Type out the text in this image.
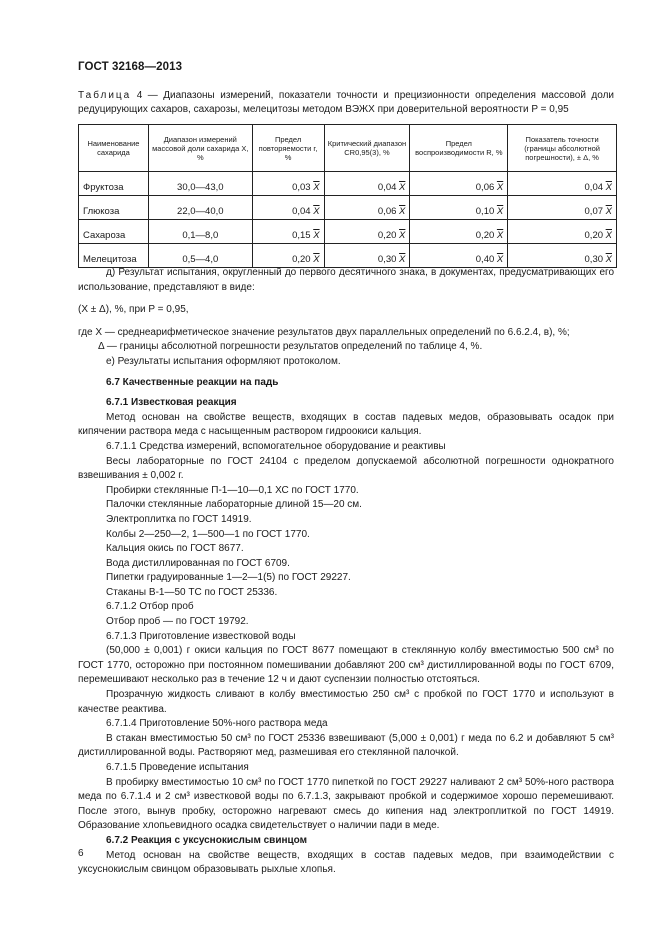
ГОСТ 32168—2013
Таблица 4 — Диапазоны измерений, показатели точности и прецизионности определения массовой доли редуцирующих сахаров, сахарозы, мелецитозы методом ВЭЖХ при доверительной вероятности P = 0,95
Наименование сахарида	Диапазон измерений массовой доли сахарида X, %	Предел повторяемости r, %	Критический диапазон CR0,95(3), %	Предел воспроизводимости R, %	Показатель точности (границы абсолютной погрешности), ± Δ, %
Фруктоза	30,0—43,0	0,03 $\overline{X}$	0,04 $\overline{X}$	0,06 $\overline{X}$	0,04 $\overline{X}$
Глюкоза	22,0—40,0	0,04 $\overline{X}$	0,06 $\overline{X}$	0,10 $\overline{X}$	0,07 $\overline{X}$
Сахароза	0,1—8,0	0,15 $\overline{X}$	0,20 $\overline{X}$	0,20 $\overline{X}$	0,20 $\overline{X}$
Мелецитоза	0,5—4,0	0,20 $\overline{X}$	0,30 $\overline{X}$	0,40 $\overline{X}$	0,30 $\overline{X}$

д) Результат испытания, округленный до первого десятичного знака, в документах, предусматривающих его использование, представляют в виде:

(X ± Δ), %, при P = 0,95,

где X — среднеарифметическое значение результатов двух параллельных определений по 6.6.2.4, в), %;

Δ — границы абсолютной погрешности результатов определений по таблице 4, %.

е) Результаты испытания оформляют протоколом.

6.7 Качественные реакции на падь

6.7.1 Известковая реакция

Метод основан на свойстве веществ, входящих в состав падевых медов, образовывать осадок при кипячении раствора меда с насыщенным раствором гидроокиси кальция.

6.7.1.1 Средства измерений, вспомогательное оборудование и реактивы

Весы лабораторные по ГОСТ 24104 с пределом допускаемой абсолютной погрешности однократного взвешивания ± 0,002 г.

Пробирки стеклянные П-1—10—0,1 ХС по ГОСТ 1770.

Палочки стеклянные лабораторные длиной 15—20 см.

Электроплитка по ГОСТ 14919.

Колбы 2—250—2, 1—500—1 по ГОСТ 1770.

Кальция окись по ГОСТ 8677.

Вода дистиллированная по ГОСТ 6709.

Пипетки градуированные 1—2—1(5) по ГОСТ 29227.

Стаканы В-1—50 ТС по ГОСТ 25336.

6.7.1.2 Отбор проб

Отбор проб — по ГОСТ 19792.

6.7.1.3 Приготовление известковой воды

(50,000 ± 0,001) г окиси кальция по ГОСТ 8677 помещают в стеклянную колбу вместимостью 500 см³ по ГОСТ 1770, осторожно при постоянном помешивании добавляют 200 см³ дистиллированной воды по ГОСТ 6709, перемешивают несколько раз в течение 12 ч и дают суспензии полностью отстояться.

Прозрачную жидкость сливают в колбу вместимостью 250 см³ с пробкой по ГОСТ 1770 и используют в качестве реактива.

6.7.1.4 Приготовление 50%-ного раствора меда

В стакан вместимостью 50 см³ по ГОСТ 25336 взвешивают (5,000 ± 0,001) г меда по 6.2 и добавляют 5 см³ дистиллированной воды. Растворяют мед, размешивая его стеклянной палочкой.

6.7.1.5 Проведение испытания

В пробирку вместимостью 10 см³ по ГОСТ 1770 пипеткой по ГОСТ 29227 наливают 2 см³ 50%-ного раствора меда по 6.7.1.4 и 2 см³ известковой воды по 6.7.1.3, закрывают пробкой и содержимое хорошо перемешивают. После этого, вынув пробку, осторожно нагревают смесь до кипения над электроплиткой по ГОСТ 14919. Образование хлопьевидного осадка свидетельствует о наличии пади в меде.

6.7.2 Реакция с уксуснокислым свинцом

Метод основан на свойстве веществ, входящих в состав падевых медов, при взаимодействии с уксуснокислым свинцом образовывать рыхлые хлопья.

6
